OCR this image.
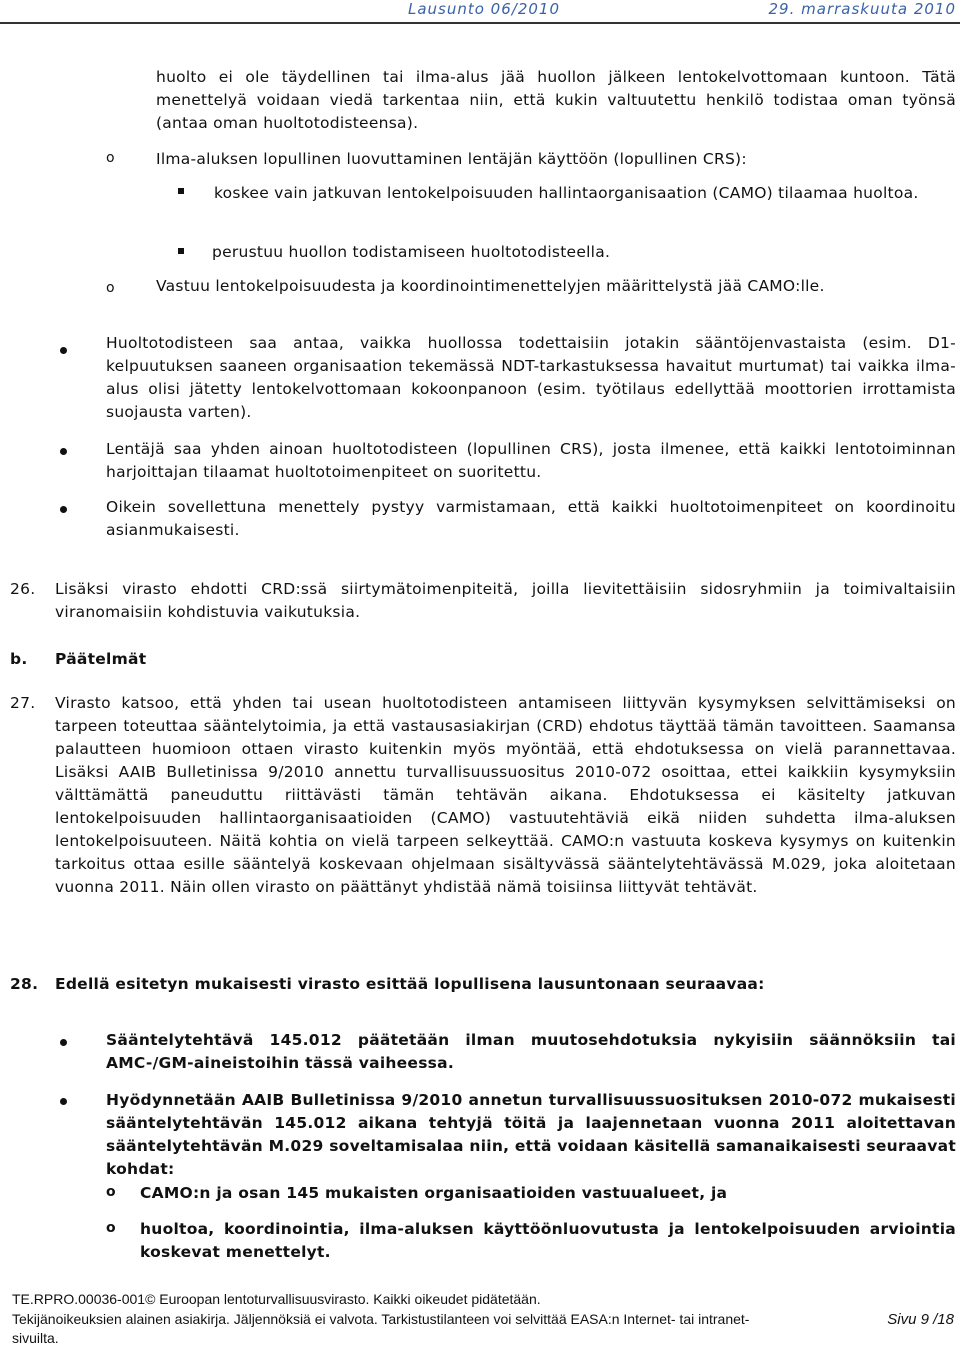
Lausunto 06/2010	29. marraskuuta 2010
huolto ei ole täydellinen tai ilma-alus jää huollon jälkeen lentokelvottomaan kuntoon. Tätä menettelyä voidaan viedä tarkentaa niin, että kukin valtuutettu henkilö todistaa oman työnsä (antaa oman huoltotodisteensa).
o	Ilma-aluksen lopullinen luovuttaminen lentäjän käyttöön (lopullinen CRS):
koskee vain jatkuvan lentokelpoisuuden hallintaorganisaation (CAMO) tilaamaa huoltoa.
perustuu huollon todistamiseen huoltotodisteella.
o	Vastuu lentokelpoisuudesta ja koordinointimenettelyjen määrittelystä jää CAMO:lle.
Huoltotodisteen saa antaa, vaikka huollossa todettaisiin jotakin sääntöjenvastaista (esim. D1-kelpuutuksen saaneen organisaation tekemässä NDT-tarkastuksessa havaitut murtumat) tai vaikka ilma-alus olisi jätetty lentokelvottomaan kokoonpanoon (esim. työtilaus edellyttää moottorien irrottamista suojausta varten).
Lentäjä saa yhden ainoan huoltotodisteen (lopullinen CRS), josta ilmenee, että kaikki lentotoiminnan harjoittajan tilaamat huoltotoimenpiteet on suoritettu.
Oikein sovellettuna menettely pystyy varmistamaan, että kaikki huoltotoimenpiteet on koordinoitu asianmukaisesti.
26. Lisäksi virasto ehdotti CRD:ssä siirtymätoimenpiteitä, joilla lievitettäisiin sidosryhmiin ja toimivaltaisiin viranomaisiin kohdistuvia vaikutuksia.
b. Päätelmät
27. Virasto katsoo, että yhden tai usean huoltotodisteen antamiseen liittyvän kysymyksen selvittämiseksi on tarpeen toteuttaa sääntelytoimia, ja että vastausasiakirjan (CRD) ehdotus täyttää tämän tavoitteen. Saamansa palautteen huomioon ottaen virasto kuitenkin myös myöntää, että ehdotuksessa on vielä parannettavaa. Lisäksi AAIB Bulletinissa 9/2010 annettu turvallisuussuositus 2010-072 osoittaa, ettei kaikkiin kysymyksiin välttämättä paneuduttu riittävästi tämän tehtävän aikana. Ehdotuksessa ei käsitelty jatkuvan lentokelpoisuuden hallintaorganisaatioiden (CAMO) vastuutehtäviä eikä niiden suhdetta ilma-aluksen lentokelpoisuuteen. Näitä kohtia on vielä tarpeen selkeyttää. CAMO:n vastuuta koskeva kysymys on kuitenkin tarkoitus ottaa esille sääntelyä koskevaan ohjelmaan sisältyvässä sääntelytehtävässä M.029, joka aloitetaan vuonna 2011. Näin ollen virasto on päättänyt yhdistää nämä toisiinsa liittyvät tehtävät.
28. Edellä esitetyn mukaisesti virasto esittää lopullisena lausuntonaan seuraavaa:
Sääntelytehtävä 145.012 päätetään ilman muutosehdotuksia nykyisiin säännöksiin tai AMC-/GM-aineistoihin tässä vaiheessa.
Hyödynnetään AAIB Bulletinissa 9/2010 annetun turvallisuussuosituksen 2010-072 mukaisesti sääntelytehtävän 145.012 aikana tehtyjä töitä ja laajennetaan vuonna 2011 aloitettavan sääntelytehtävän M.029 soveltamisalaa niin, että voidaan käsitellä samanaikaisesti seuraavat kohdat:
o CAMO:n ja osan 145 mukaisten organisaatioiden vastuualueet, ja
o huoltoa, koordinointia, ilma-aluksen käyttöönluovutusta ja lentokelpoisuuden arviointia koskevat menettelyt.
TE.RPRO.00036-001© Euroopan lentoturvallisuusvirasto. Kaikki oikeudet pidätetään.
Tekijänoikeuksien alainen asiakirja. Jäljennöksiä ei valvota. Tarkistustilanteen voi selvittää EASA:n Internet- tai intranet-sivuilta.
Sivu 9 /18
